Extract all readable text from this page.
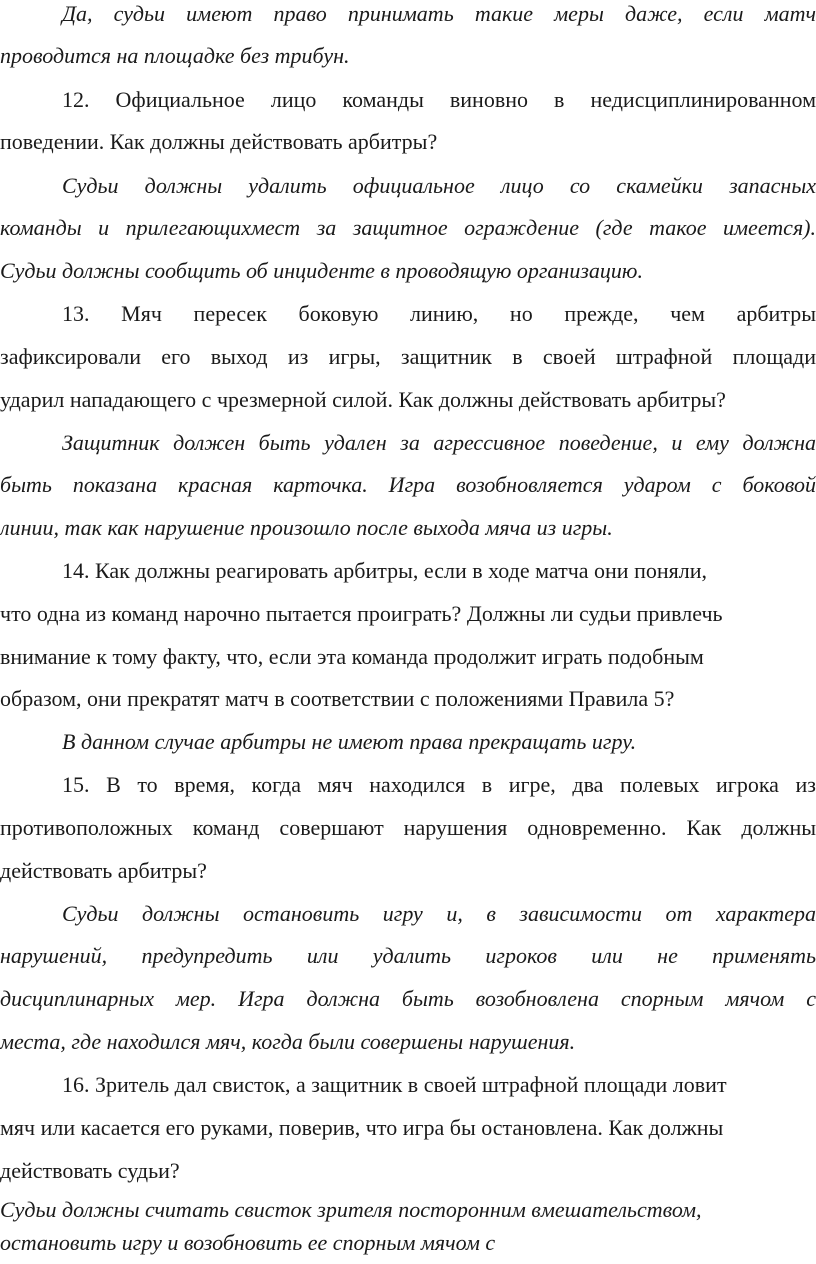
Да, судьи имеют право принимать такие меры даже, если матч
проводится на площадке без трибун.
12. Официальное лицо команды виновно в недисциплинированном
поведении. Как должны действовать арбитры?
Судьи должны удалить официальное лицо со скамейки запасных
команды и прилегающихмест за защитное ограждение (где такое имеется).
Судьи должны сообщить об инциденте в проводящую организацию.
13. Мяч пересек боковую линию, но прежде, чем арбитры
зафиксировали его выход из игры, защитник в своей штрафной площади
ударил нападающего с чрезмерной силой. Как должны действовать арбитры?
Защитник должен быть удален за агрессивное поведение, и ему должна
быть показана красная карточка. Игра возобновляется ударом с боковой
линии, так как нарушение произошло после выхода мяча из игры.
14. Как должны реагировать арбитры, если в ходе матча они поняли,
что одна из команд нарочно пытается проиграть? Должны ли судьи привлечь
внимание к тому факту, что, если эта команда продолжит играть подобным
образом, они прекратят матч в соответствии с положениями Правила 5?
В данном случае арбитры не имеют права прекращать игру.
15. В то время, когда мяч находился в игре, два полевых игрока из
противоположных команд совершают нарушения одновременно. Как должны
действовать арбитры?
Судьи должны остановить игру и, в зависимости от характера
нарушений, предупредить или удалить игроков или не применять
дисциплинарных мер. Игра должна быть возобновлена спорным мячом с
места, где находился мяч, когда были совершены нарушения.
16. Зритель дал свисток, а защитник в своей штрафной площади ловит
мяч или касается его руками, поверив, что игра бы остановлена. Как должны
действовать судьи?
Судьи должны считать свисток зрителя посторонним вмешательством,
остановить игру и возобновить ее спорным мячом с
